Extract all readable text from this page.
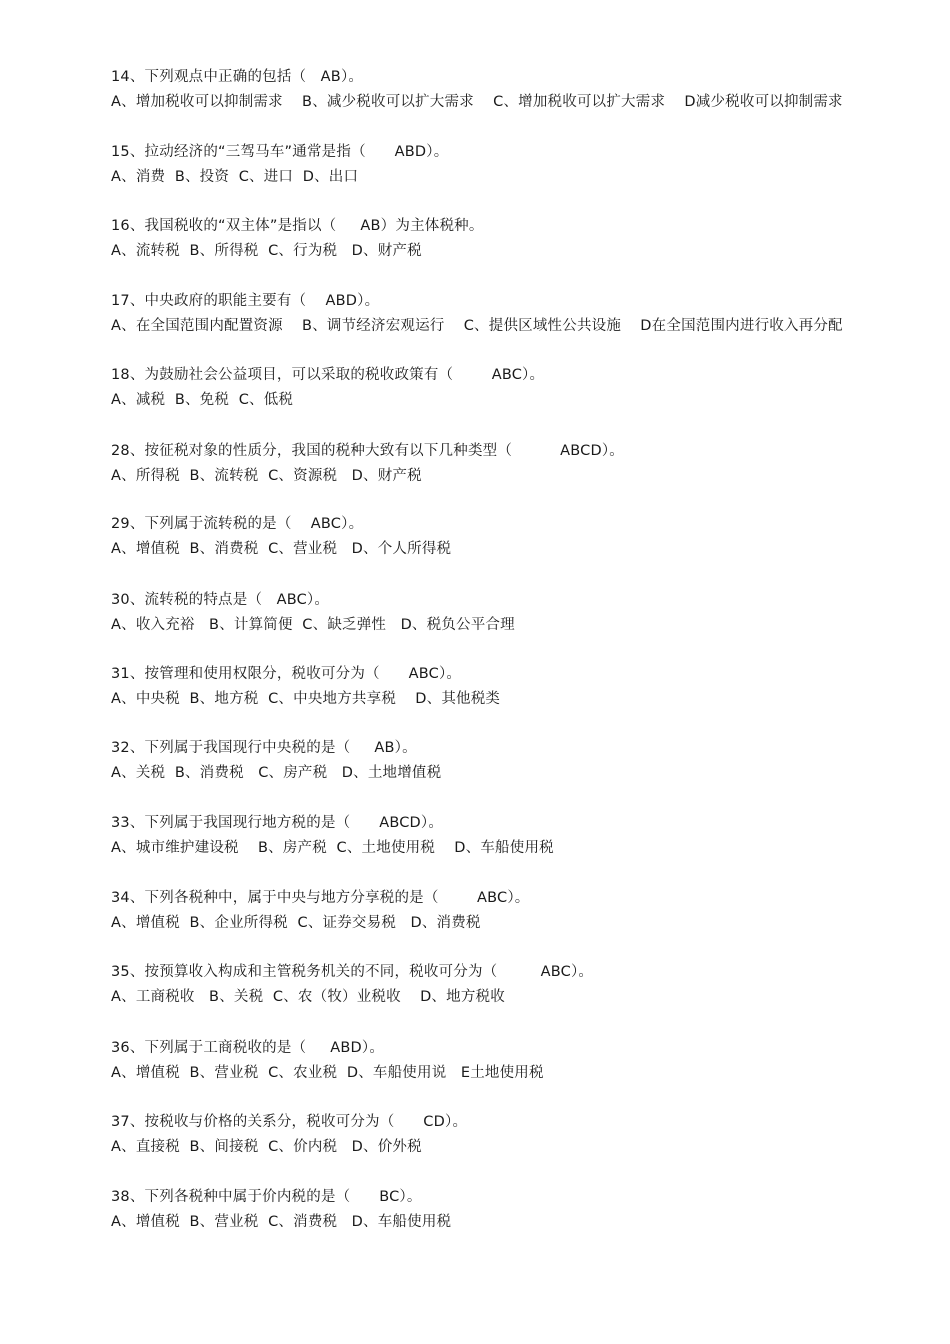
14、下列观点中正确的包括（   AB）。
A、增加税收可以抑制需求    B、减少税收可以扩大需求    C、增加税收可以扩大需求    D减少税收可以抑制需求
15、拉动经济的“三驾马车”通常是指（      ABD）。
A、消费  B、投资  C、进口  D、出口
16、我国税收的“双主体”是指以（     AB）为主体税种。
A、流转税  B、所得税  C、行为税   D、财产税
17、中央政府的职能主要有（    ABD）。
A、在全国范围内配置资源    B、调节经济宏观运行    C、提供区域性公共设施    D在全国范围内进行收入再分配
18、为鼓励社会公益项目，可以采取的税收政策有（        ABC）。
A、减税  B、免税  C、低税
28、按征税对象的性质分，我国的税种大致有以下几种类型（          ABCD）。
A、所得税  B、流转税  C、资源税   D、财产税
29、下列属于流转税的是（    ABC）。
A、增值税  B、消费税  C、营业税   D、个人所得税
30、流转税的特点是（   ABC）。
A、收入充裕   B、计算简便  C、缺乏弹性   D、税负公平合理
31、按管理和使用权限分，税收可分为（      ABC）。
A、中央税  B、地方税  C、中央地方共享税    D、其他税类
32、下列属于我国现行中央税的是（     AB）。
A、关税  B、消费税   C、房产税   D、土地增值税
33、下列属于我国现行地方税的是（      ABCD）。
A、城市维护建设税    B、房产税  C、土地使用税    D、车船使用税
34、下列各税种中，属于中央与地方分享税的是（        ABC）。
A、增值税  B、企业所得税  C、证券交易税   D、消费税
35、按预算收入构成和主管税务机关的不同，税收可分为（         ABC）。
A、工商税收   B、关税  C、农（牧）业税收    D、地方税收
36、下列属于工商税收的是（     ABD）。
A、增值税  B、营业税  C、农业税  D、车船使用说   E土地使用税
37、按税收与价格的关系分，税收可分为（      CD）。
A、直接税  B、间接税  C、价内税   D、价外税
38、下列各税种中属于价内税的是（      BC）。
A、增值税  B、营业税  C、消费税   D、车船使用税
